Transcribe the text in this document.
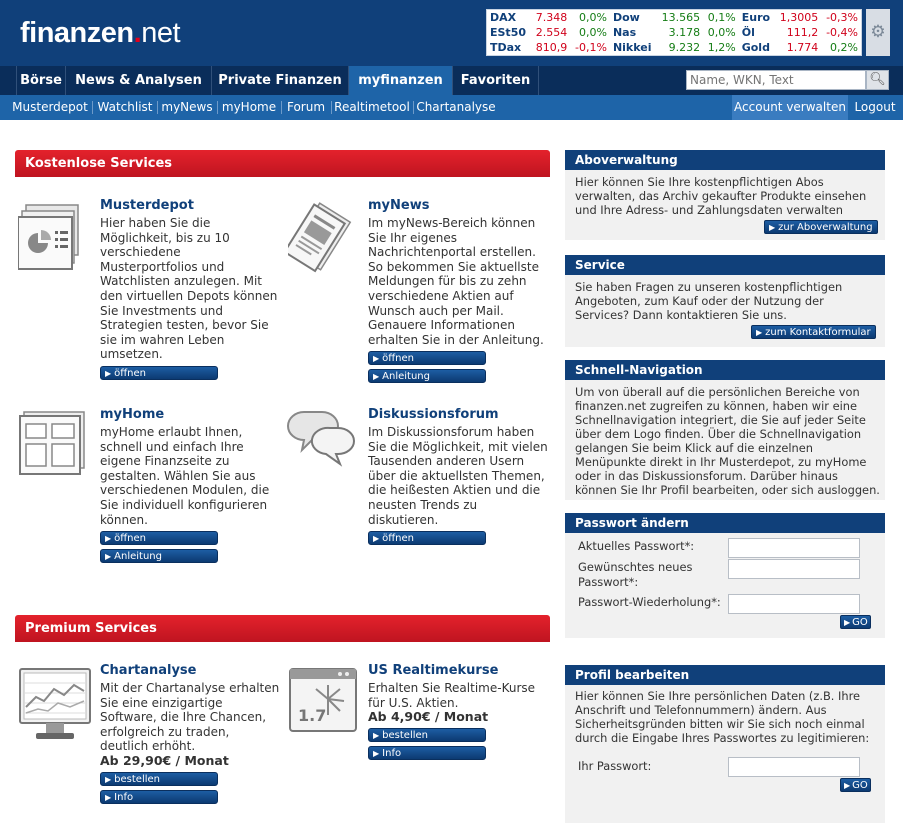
finanzen.net	DAX	7.348	0,0%	Dow	13.565	0,1%	Euro	1,3005	-0,3%
ESt50	2.554	0,0%	Nas	3.178	0,0%	Öl	111,2	-0,4%
TDax	810,9	-0,1%	Nikkei	9.232	1,2%	Gold	1.774	0,2%
⚙
Börse	News & Analysen	Private Finanzen	myfinanzen	Favoriten
Name, WKN, Text	🔍︎
Musterdepot Watchlist myNews myHome Forum Realtimetool Chartanalyse	Account verwalten Logout
Kostenlose Services
Musterdepot
Hier haben Sie die Möglichkeit, bis zu 10 verschiedene Musterportfolios und Watchlisten anzulegen. Mit den virtuellen Depots können Sie Investments und Strategien testen, bevor Sie sie im wahren Leben umsetzen.
▶ öffnen
myNews
Im myNews-Bereich können Sie Ihr eigenes Nachrichtenportal erstellen. So bekommen Sie aktuellste Meldungen für bis zu zehn verschiedene Aktien auf Wunsch auch per Mail. Genauere Informationen erhalten Sie in der Anleitung.
▶ öffnen
▶ Anleitung
myHome
myHome erlaubt Ihnen, schnell und einfach Ihre eigene Finanzseite zu gestalten. Wählen Sie aus verschiedenen Modulen, die Sie individuell konfigurieren können.
▶ öffnen
▶ Anleitung
Diskussionsforum
Im Diskussionsforum haben Sie die Möglichkeit, mit vielen Tausenden anderen Usern über die aktuellsten Themen, die heißesten Aktien und die neusten Trends zu diskutieren.
▶ öffnen
Premium Services
Chartanalyse
Mit der Chartanalyse erhalten Sie eine einzigartige Software, die Ihre Chancen, erfolgreich zu traden, deutlich erhöht.
Ab 29,90€ / Monat
▶ bestellen
▶ Info
1.7
US Realtimekurse
Erhalten Sie Realtime-Kurse für U.S. Aktien.
Ab 4,90€ / Monat
▶ bestellen
▶ Info
Aboverwaltung
Hier können Sie Ihre kostenpflichtigen Abos verwalten, das Archiv gekaufter Produkte einsehen und Ihre Adress- und Zahlungsdaten verwalten
▶ zur Aboverwaltung
Service
Sie haben Fragen zu unseren kostenpflichtigen Angeboten, zum Kauf oder der Nutzung der Services? Dann kontaktieren Sie uns.
▶ zum Kontaktformular
Schnell-Navigation
Um von überall auf die persönlichen Bereiche von finanzen.net zugreifen zu können, haben wir eine Schnellnavigation integriert, die Sie auf jeder Seite über dem Logo finden. Über die Schnellnavigation gelangen Sie beim Klick auf die einzelnen Menüpunkte direkt in Ihr Musterdepot, zu myHome oder in das Diskussionsforum. Darüber hinaus können Sie Ihr Profil bearbeiten, oder sich ausloggen.
Passwort ändern
Aktuelles Passwort*:
Gewünschtes neues Passwort*:
Passwort-Wiederholung*:
▶ GO
Profil bearbeiten
Hier können Sie Ihre persönlichen Daten (z.B. Ihre Anschrift und Telefonnummern) ändern. Aus Sicherheitsgründen bitten wir Sie sich noch einmal durch die Eingabe Ihres Passwortes zu legitimieren:
Ihr Passwort:
▶ GO
